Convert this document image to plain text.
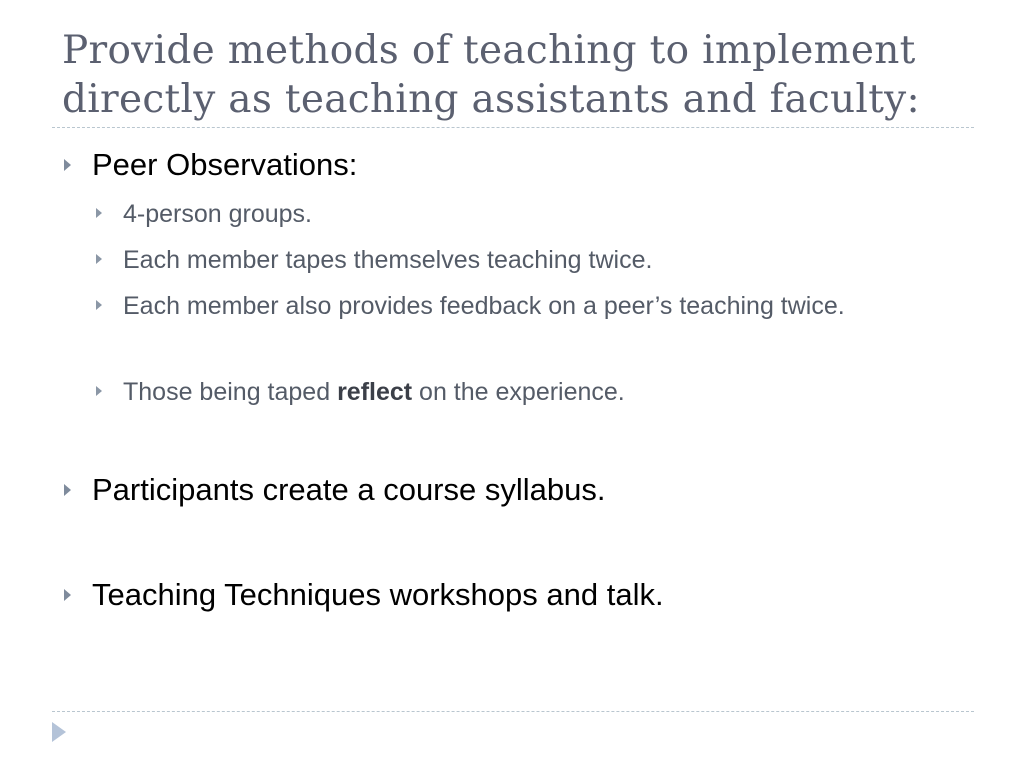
Provide methods of teaching to implement directly as teaching assistants and faculty:
Peer Observations:
4-person groups.
Each member tapes themselves teaching twice.
Each member also provides feedback on a peer’s teaching twice.
Those being taped reflect on the experience.
Participants create a course syllabus.
Teaching Techniques workshops and talk.
